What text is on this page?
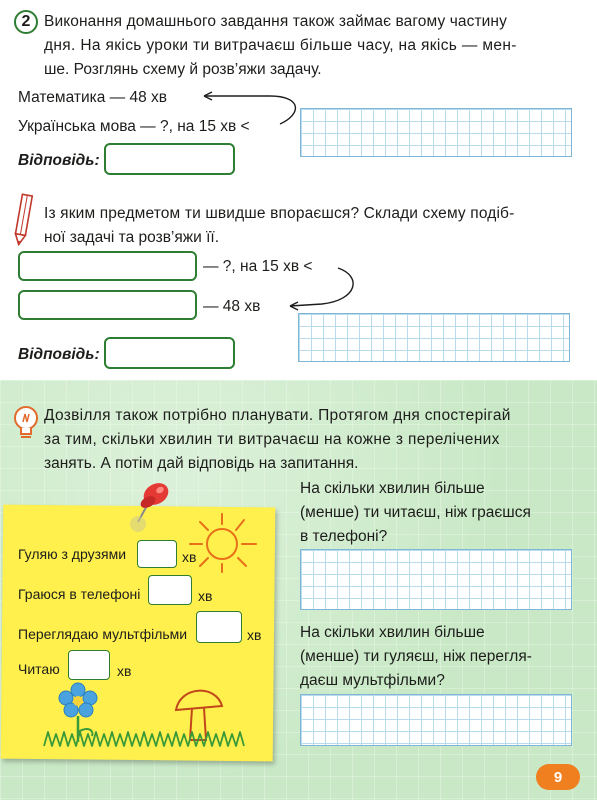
2 Виконання домашнього завдання також займає вагому частину
дня. На якісь уроки ти витрачаєш більше часу, на якісь — мен-
ше. Розглянь схему й розв’яжи задачу.
Математика — 48 хв
Українська мова — ?, на 15 хв <
Відповідь:
Із яким предметом ти швидше впораєшся? Склади схему подіб-
ної задачі та розв’яжи її.
— ?, на 15 хв <
— 48 хв
Відповідь:
Дозвілля також потрібно планувати. Протягом дня спостерігай
за тим, скільки хвилин ти витрачаєш на кожне з перелічених
занять. А потім дай відповідь на запитання.
Гуляю з друзями	хв
Граюся в телефоні	хв
Переглядаю мультфільми	хв
Читаю	хв
На скільки хвилин більше
(менше) ти читаєш, ніж граєшся
в телефоні?
На скільки хвилин більше
(менше) ти гуляєш, ніж перегля-
даєш мультфільми?
9
